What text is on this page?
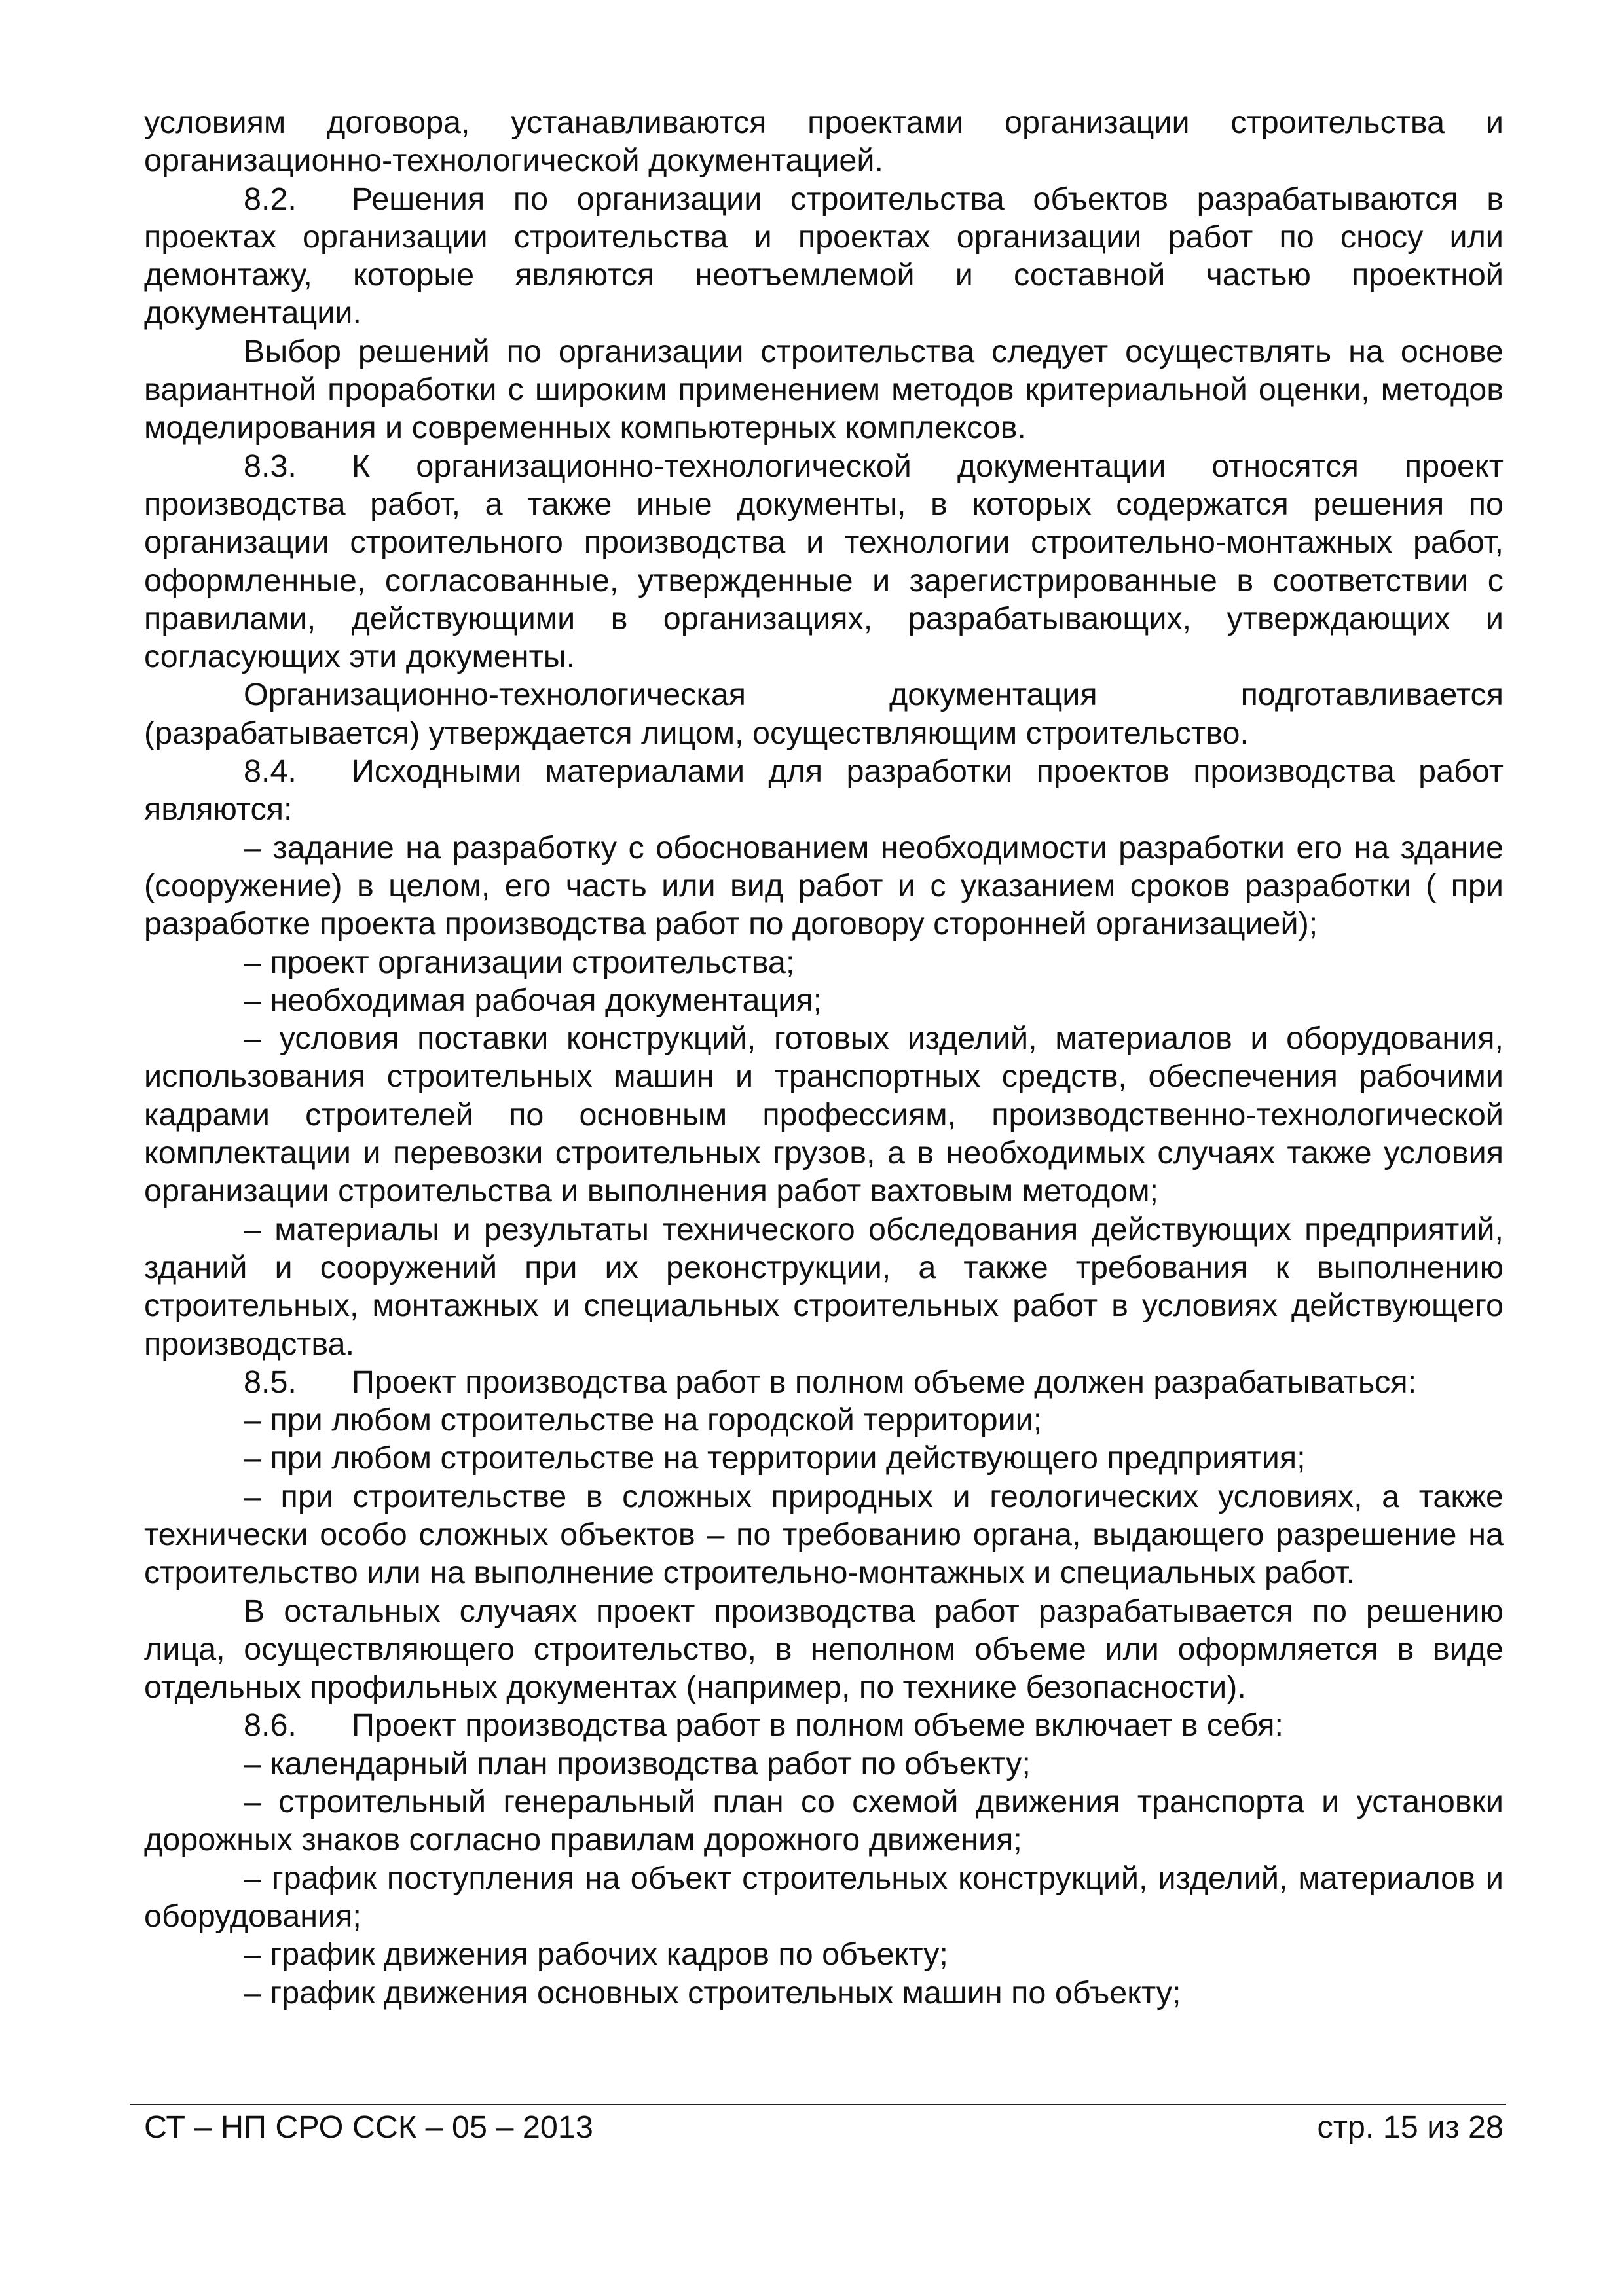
условиям договора, устанавливаются проектами организации строительства и организационно-технологической документацией.

8.2. Решения по организации строительства объектов разрабатываются в проектах организации строительства и проектах организации работ по сносу или демонтажу, которые являются неотъемлемой и составной частью проектной документации.

Выбор решений по организации строительства следует осуществлять на основе вариантной проработки с широким применением методов критериальной оценки, методов моделирования и современных компьютерных комплексов.

8.3. К организационно-технологической документации относятся проект производства работ, а также иные документы, в которых содержатся решения по организации строительного производства и технологии строительно-монтажных работ, оформленные, согласованные, утвержденные и зарегистрированные в соответствии с правилами, действующими в организациях, разрабатывающих, утверждающих и согласующих эти документы.

Организационно-технологическая документация подготавливается (разрабатывается) утверждается лицом, осуществляющим строительство.

8.4. Исходными материалами для разработки проектов производства работ являются:

– задание на разработку с обоснованием необходимости разработки его на здание (сооружение) в целом, его часть или вид работ и с указанием сроков разработки ( при разработке проекта производства работ по договору сторонней организацией);

– проект организации строительства;

– необходимая рабочая документация;

– условия поставки конструкций, готовых изделий, материалов и оборудования, использования строительных машин и транспортных средств, обеспечения рабочими кадрами строителей по основным профессиям, производственно-технологической комплектации и перевозки строительных грузов, а в необходимых случаях также условия организации строительства и выполнения работ вахтовым методом;

– материалы и результаты технического обследования действующих предприятий, зданий и сооружений при их реконструкции, а также требования к выполнению строительных, монтажных и специальных строительных работ в условиях действующего производства.

8.5. Проект производства работ в полном объеме должен разрабатываться:

– при любом строительстве на городской территории;

– при любом строительстве на территории действующего предприятия;

– при строительстве в сложных природных и геологических условиях, а также технически особо сложных объектов – по требованию органа, выдающего разрешение на строительство или на выполнение строительно-монтажных и специальных работ.

В остальных случаях проект производства работ разрабатывается по решению лица, осуществляющего строительство, в неполном объеме или оформляется в виде отдельных профильных документах (например, по технике безопасности).

8.6. Проект производства работ в полном объеме включает в себя:

– календарный план производства работ по объекту;

– строительный генеральный план со схемой движения транспорта и установки дорожных знаков согласно правилам дорожного движения;

– график поступления на объект строительных конструкций, изделий, материалов и оборудования;

– график движения рабочих кадров по объекту;

– график движения основных строительных машин по объекту;

СТ – НП СРО ССК – 05 – 2013	стр. 15 из 28
